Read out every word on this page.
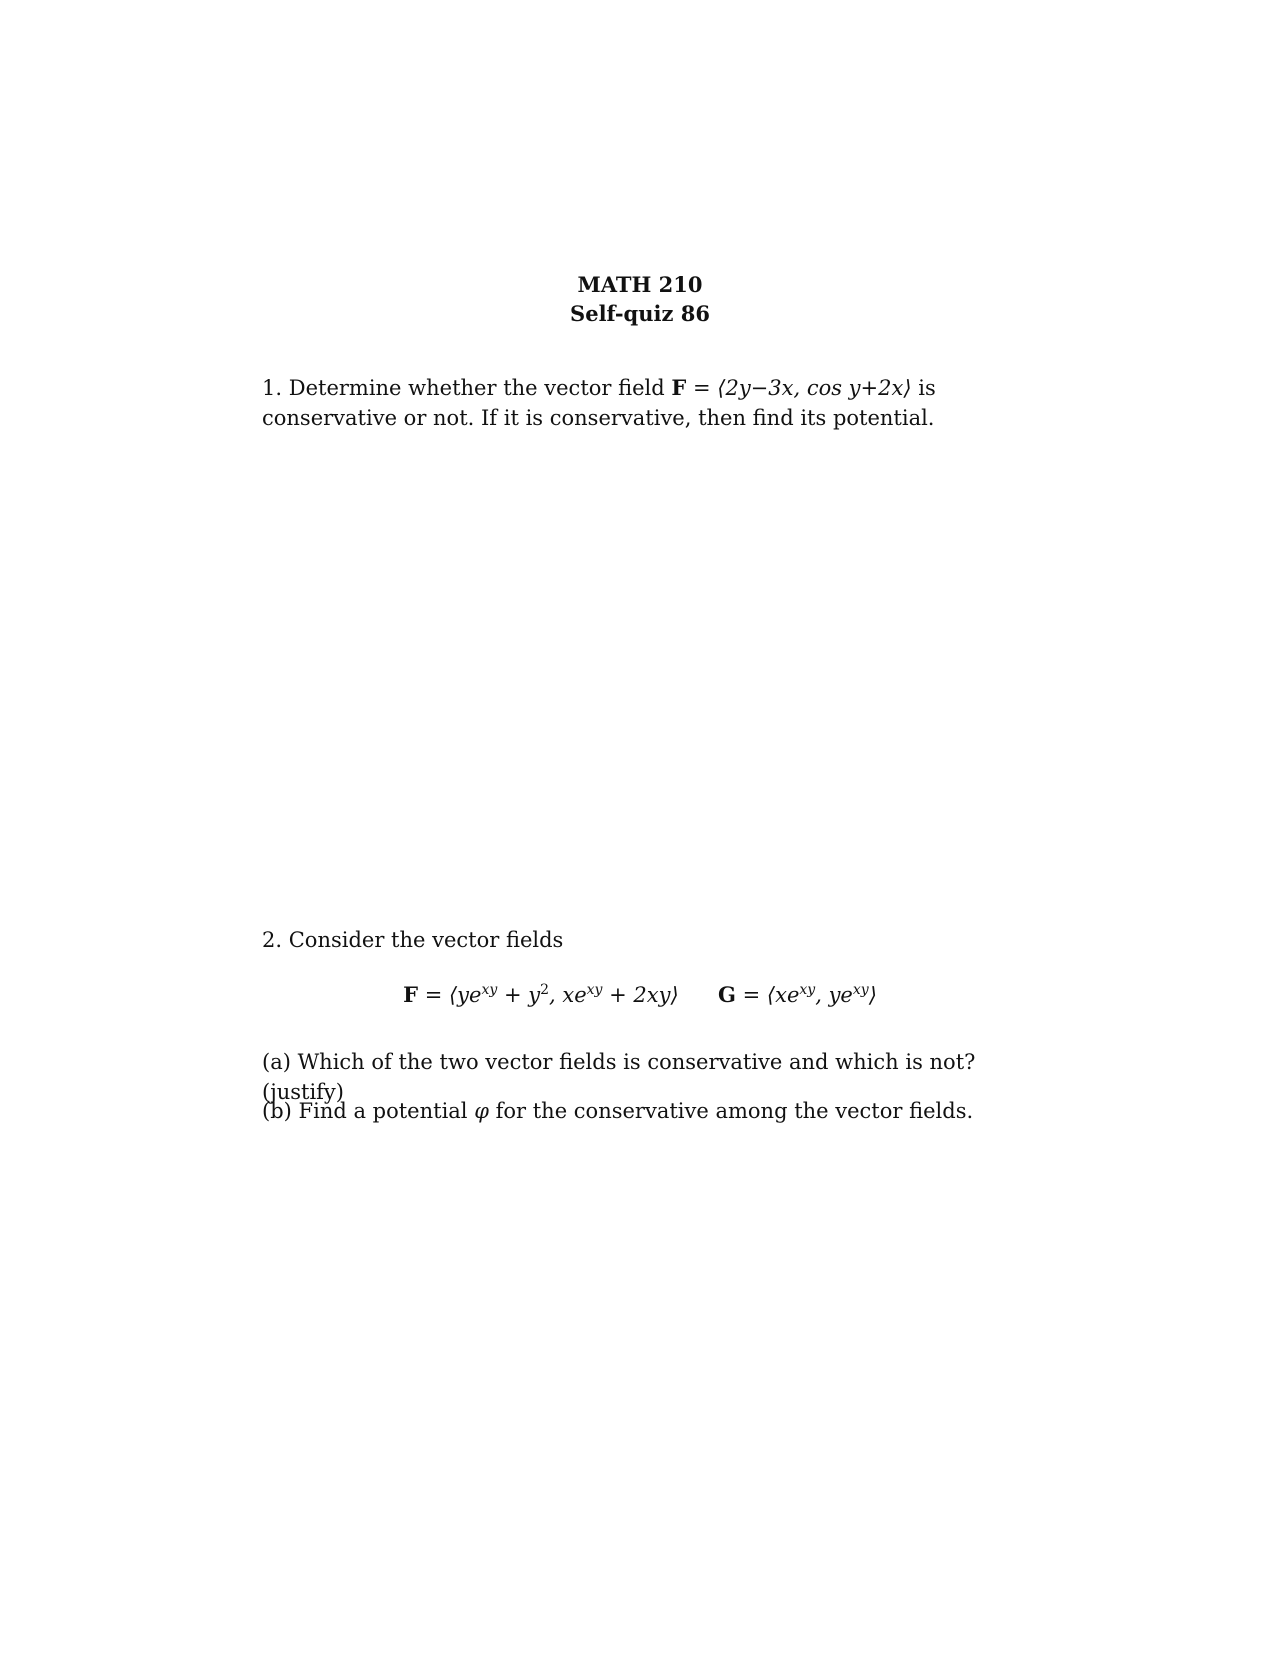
MATH 210
Self-quiz 86
1. Determine whether the vector field F = ⟨2y−3x, cos y+2x⟩ is conservative or not. If it is conservative, then find its potential.
2. Consider the vector fields
$F = ⟨ye^{xy} + y^2$, $xe^{xy}$ + 2xy⟩ $G = ⟨xe^{xy}$, $ye^{xy}⟩$
(a) Which of the two vector fields is conservative and which is not? (justify)
(b) Find a potential φ for the conservative among the vector fields.
